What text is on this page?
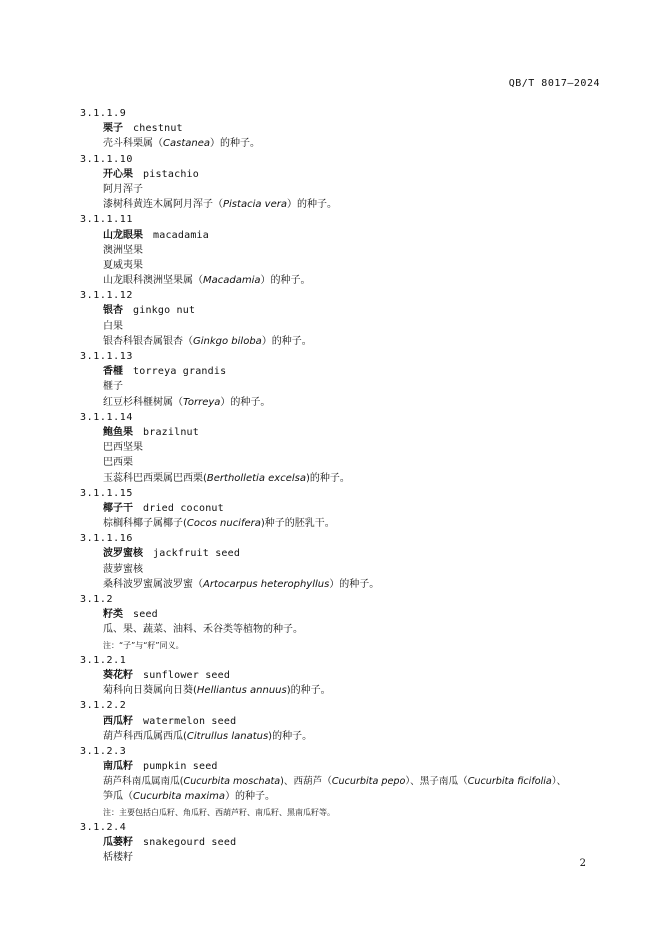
QB/T 8017—2024
3.1.1.9
栗子　 chestnut
壳斗科栗属（Castanea）的种子。
3.1.1.10
开心果　 pistachio
阿月浑子
漆树科黄连木属阿月浑子（Pistacia vera）的种子。
3.1.1.11
山龙眼果　 macadamia
澳洲坚果
夏威夷果
山龙眼科澳洲坚果属（Macadamia）的种子。
3.1.1.12
银杏　 ginkgo nut
白果
银杏科银杏属银杏（Ginkgo biloba）的种子。
3.1.1.13
香榧　 torreya grandis
榧子
红豆杉科榧树属（Torreya）的种子。
3.1.1.14
鲍鱼果　 brazilnut
巴西坚果
巴西栗
玉蕊科巴西栗属巴西栗(Bertholletia excelsa)的种子。
3.1.1.15
椰子干　 dried coconut
棕榈科椰子属椰子(Cocos nucifera)种子的胚乳干。
3.1.1.16
波罗蜜核　 jackfruit seed
菠萝蜜核
桑科波罗蜜属波罗蜜（Artocarpus heterophyllus）的种子。
3.1.2
籽类　 seed
瓜、果、蔬菜、油料、禾谷类等植物的种子。
注：“子”与“籽”同义。
3.1.2.1
葵花籽　 sunflower seed
菊科向日葵属向日葵(Helliantus annuus)的种子。
3.1.2.2
西瓜籽　 watermelon seed
葫芦科西瓜属西瓜(Citrullus lanatus)的种子。
3.1.2.3
南瓜籽　 pumpkin seed
葫芦科南瓜属南瓜(Cucurbita moschata)、西葫芦（Cucurbita pepo）、黑子南瓜（Cucurbita ficifolia）、
笋瓜（Cucurbita maxima）的种子。
注：主要包括白瓜籽、角瓜籽、西葫芦籽、南瓜籽、黑南瓜籽等。
3.1.2.4
瓜蒌籽　 snakegourd seed
栝楼籽
2
